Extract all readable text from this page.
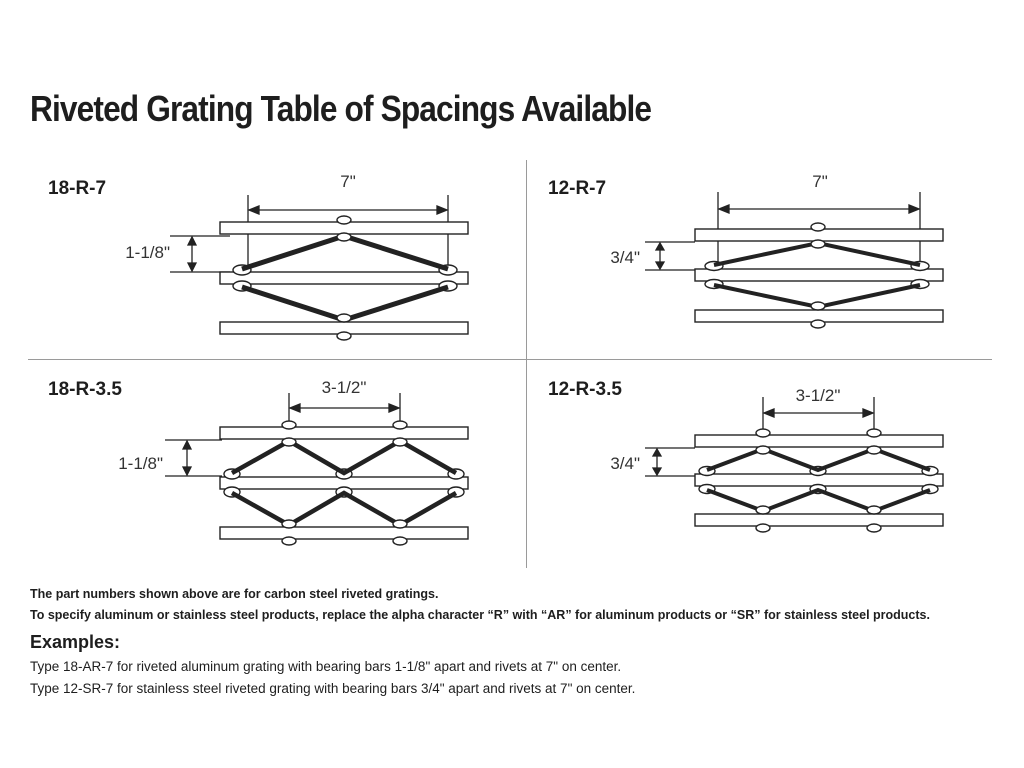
Riveted Grating Table of Spacings Available
18-R-7	7"
1-1/8"
12-R-7	7"
3/4"
18-R-3.5	3-1/2"
1-1/8"
12-R-3.5	3-1/2"
3/4"
The part numbers shown above are for carbon steel riveted gratings.
To specify aluminum or stainless steel products, replace the alpha character “R” with “AR” for aluminum products or “SR” for stainless steel products.
Examples:
Type 18-AR-7 for riveted aluminum grating with bearing bars 1-1/8" apart and rivets at 7" on center.
Type 12-SR-7 for stainless steel riveted grating with bearing bars 3/4" apart and rivets at 7" on center.
